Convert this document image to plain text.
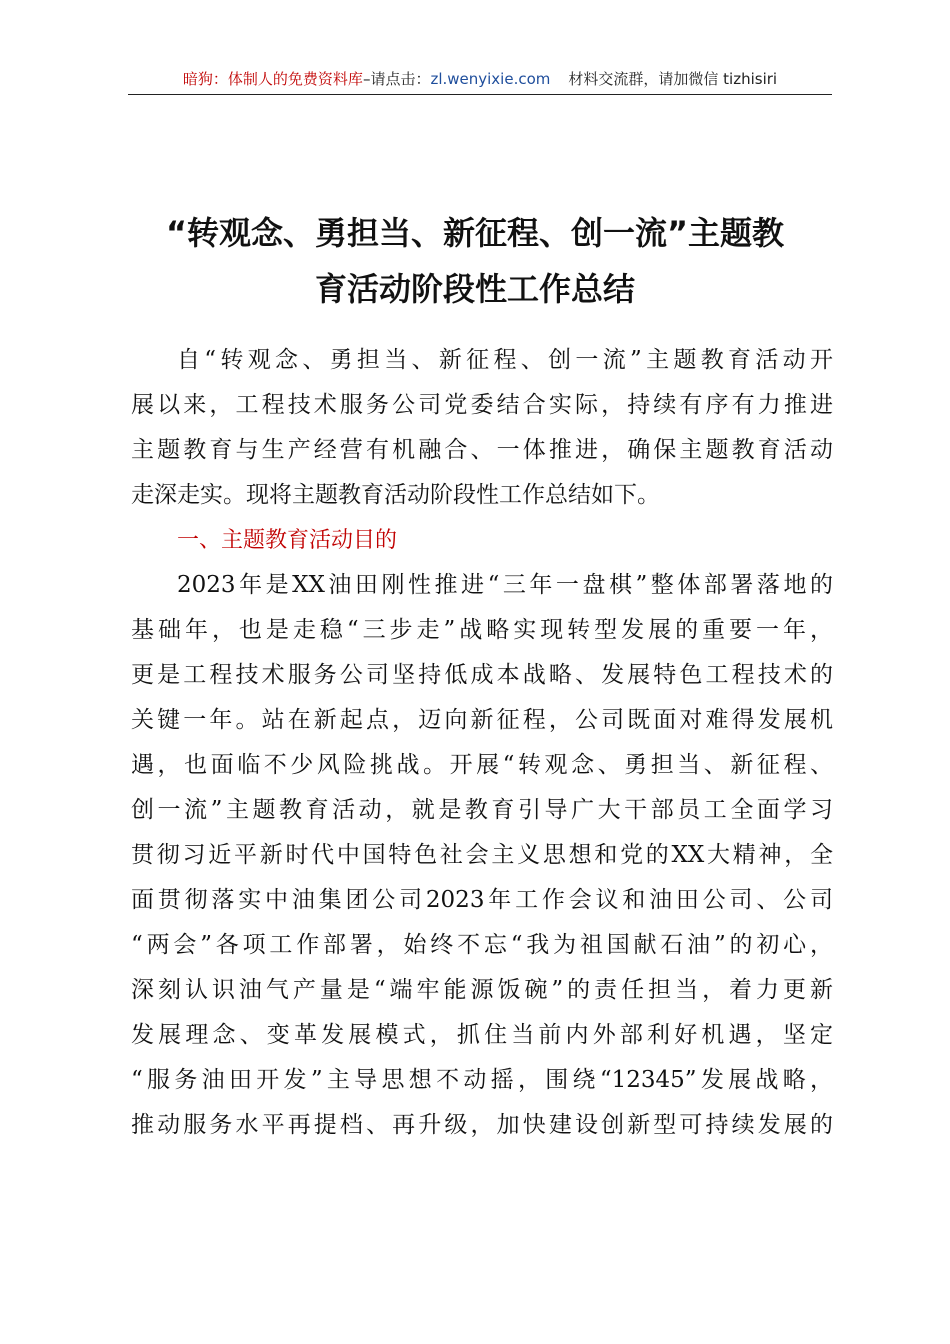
暗狗：体制人的免费资料库–请点击：zl.wenyixie.com 材料交流群，请加微信 tizhisiri
“转观念、勇担当、新征程、创一流”主题教
育活动阶段性工作总结
自“转观念、勇担当、新征程、创一流”主题教育活动开
展以来，工程技术服务公司党委结合实际，持续有序有力推进
主题教育与生产经营有机融合、一体推进，确保主题教育活动
走深走实。现将主题教育活动阶段性工作总结如下。
一、主题教育活动目的
2023年是XX油田刚性推进“三年一盘棋”整体部署落地的
基础年，也是走稳“三步走”战略实现转型发展的重要一年，
更是工程技术服务公司坚持低成本战略、发展特色工程技术的
关键一年。站在新起点，迈向新征程，公司既面对难得发展机
遇，也面临不少风险挑战。开展“转观念、勇担当、新征程、
创一流”主题教育活动，就是教育引导广大干部员工全面学习
贯彻习近平新时代中国特色社会主义思想和党的XX大精神，全
面贯彻落实中油集团公司2023年工作会议和油田公司、公司
“两会”各项工作部署，始终不忘“我为祖国献石油”的初心，
深刻认识油气产量是“端牢能源饭碗”的责任担当，着力更新
发展理念、变革发展模式，抓住当前内外部利好机遇，坚定
“服务油田开发”主导思想不动摇，围绕“12345”发展战略，
推动服务水平再提档、再升级，加快建设创新型可持续发展的
